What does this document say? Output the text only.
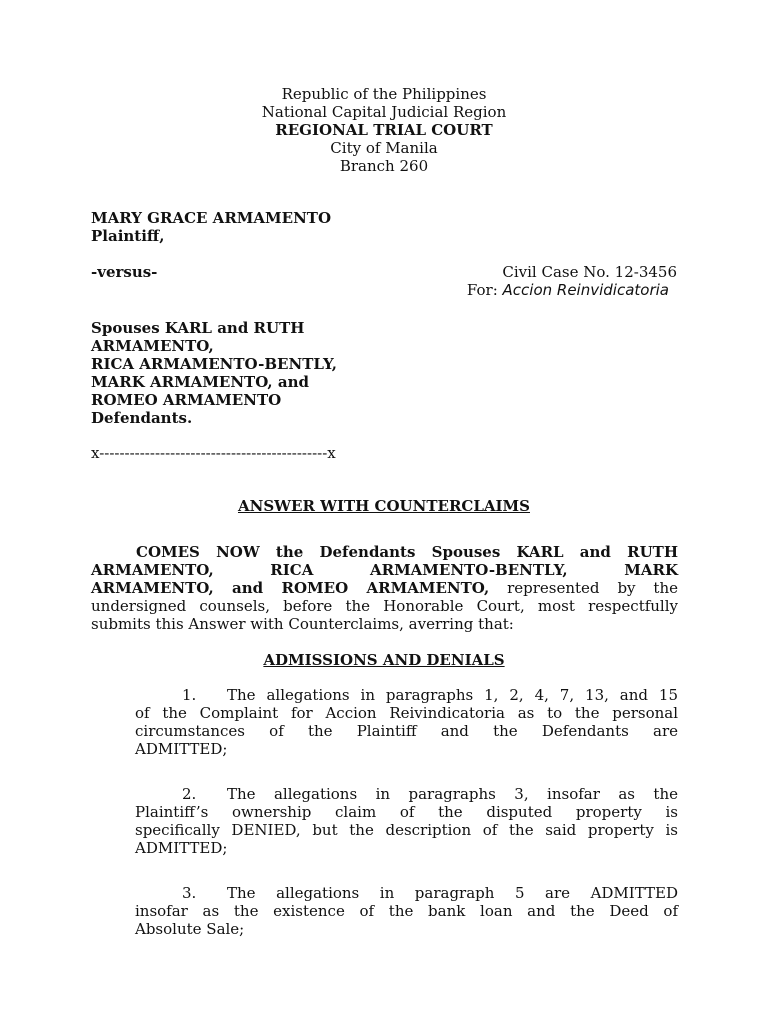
Republic of the Philippines
National Capital Judicial Region
REGIONAL TRIAL COURT
City of Manila
Branch 260
MARY GRACE ARMAMENTO
Plaintiff,
-versus-	Civil Case No. 12-3456
For: Accion Reinvidicatoria
Spouses KARL and RUTH
ARMAMENTO,
RICA ARMAMENTO-BENTLY,
MARK ARMAMENTO, and
ROMEO ARMAMENTO
Defendants.
x---------------------------------------------x
ANSWER WITH COUNTERCLAIMS
COMES NOW the Defendants Spouses KARL and RUTH
ARMAMENTO, RICA ARMAMENTO-BENTLY, MARK
ARMAMENTO, and ROMEO ARMAMENTO, represented by the
undersigned counsels, before the Honorable Court, most respectfully
submits this Answer with Counterclaims, averring that:
ADMISSIONS AND DENIALS
1. The allegations in paragraphs 1, 2, 4, 7, 13, and 15
of the Complaint for Accion Reivindicatoria as to the personal
circumstances of the Plaintiff and the Defendants are
ADMITTED;
2. The allegations in paragraphs 3, insofar as the
Plaintiff’s ownership claim of the disputed property is
specifically DENIED, but the description of the said property is
ADMITTED;
3. The allegations in paragraph 5 are ADMITTED
insofar as the existence of the bank loan and the Deed of
Absolute Sale;
